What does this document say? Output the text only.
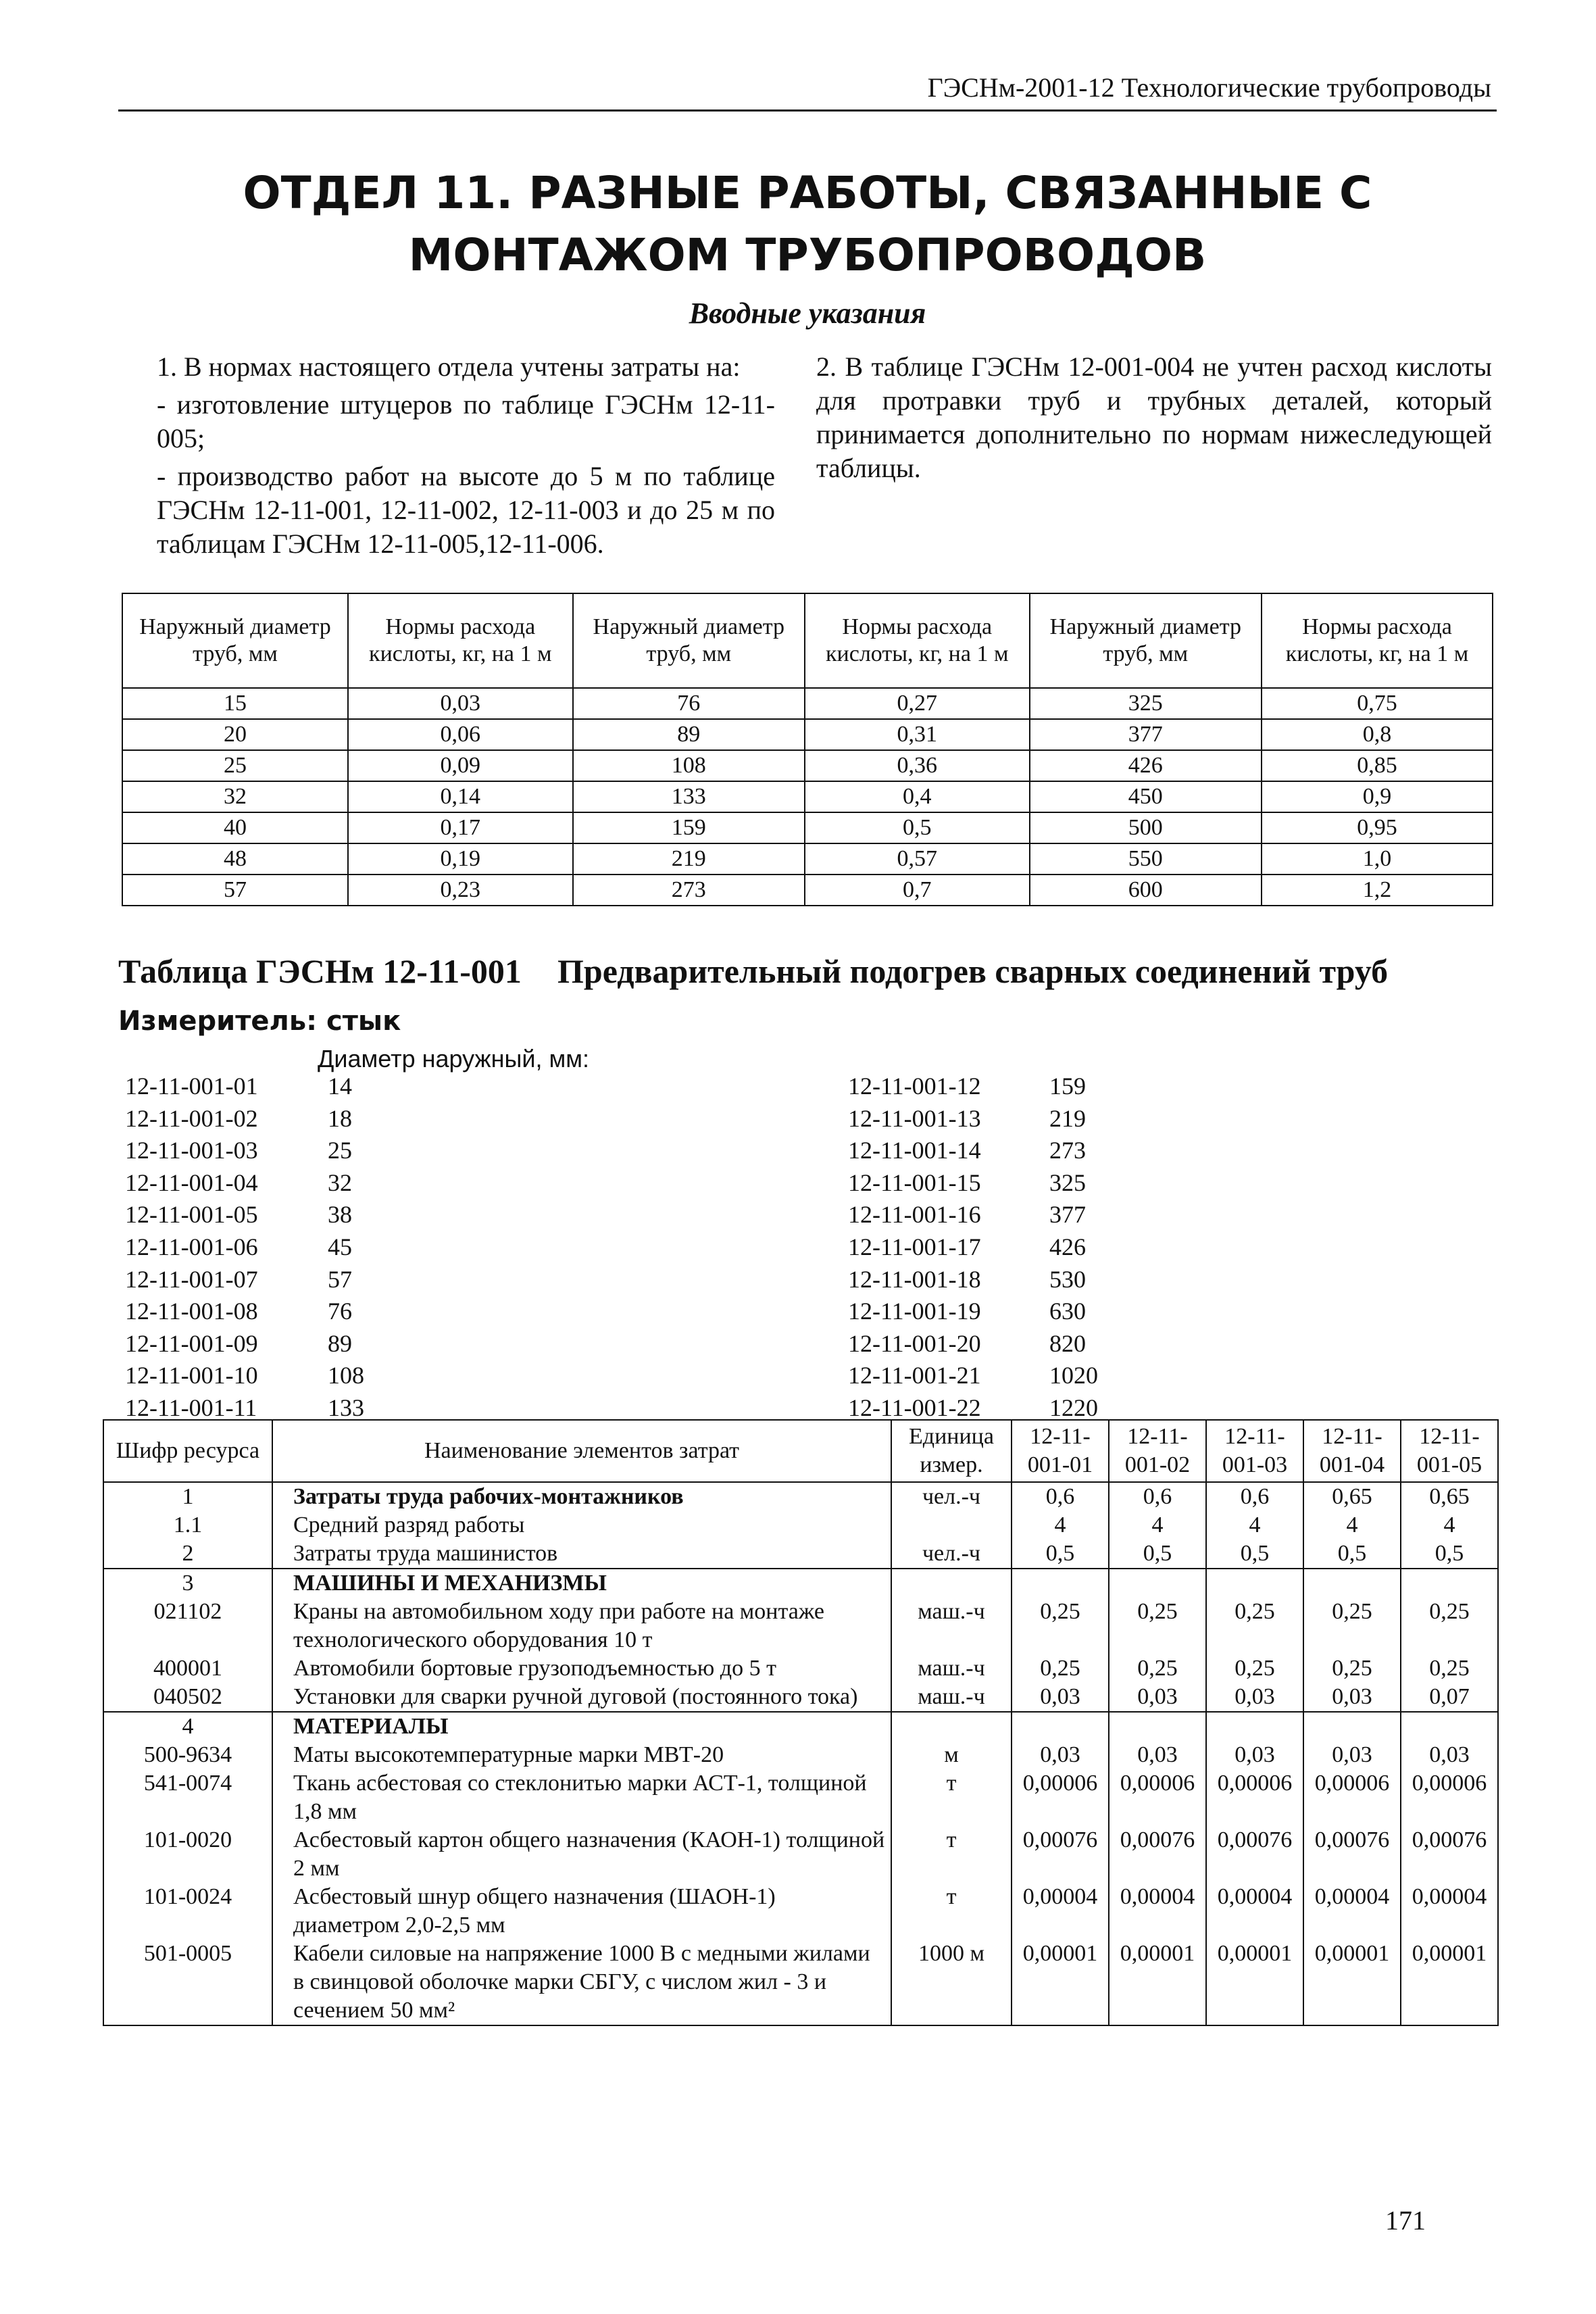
ГЭСНм-2001-12 Технологические трубопроводы
ОТДЕЛ 11. РАЗНЫЕ РАБОТЫ, СВЯЗАННЫЕ С
МОНТАЖОМ ТРУБОПРОВОДОВ
Вводные указания

1. В нормах настоящего отдела учтены затраты на:

- изготовление штуцеров по таблице ГЭСНм 12-11-005;

- производство работ на высоте до 5 м по таблице ГЭСНм 12-11-001, 12-11-002, 12-11-003 и до 25 м по таблицам ГЭСНм 12-11-005,12-11-006.

2. В таблице ГЭСНм 12-001-004 не учтен расход кислоты для протравки труб и трубных деталей, который принимается дополнительно по нормам нижеследующей таблицы.

Наружный диаметр труб, мм	Нормы расхода кислоты, кг, на 1 м	Наружный диаметр труб, мм	Нормы расхода кислоты, кг, на 1 м	Наружный диаметр труб, мм	Нормы расхода кислоты, кг, на 1 м
15	0,03	76	0,27	325	0,75
20	0,06	89	0,31	377	0,8
25	0,09	108	0,36	426	0,85
32	0,14	133	0,4	450	0,9
40	0,17	159	0,5	500	0,95
48	0,19	219	0,57	550	1,0
57	0,23	273	0,7	600	1,2
Таблица ГЭСНм 12-11-001 Предварительный подогрев сварных соединений труб
Измеритель: стык
Диаметр наружный, мм:
12-11-001-01	14
12-11-001-02	18
12-11-001-03	25
12-11-001-04	32
12-11-001-05	38
12-11-001-06	45
12-11-001-07	57
12-11-001-08	76
12-11-001-09	89
12-11-001-10	108
12-11-001-11	133
12-11-001-12	159
12-11-001-13	219
12-11-001-14	273
12-11-001-15	325
12-11-001-16	377
12-11-001-17	426
12-11-001-18	530
12-11-001-19	630
12-11-001-20	820
12-11-001-21	1020
12-11-001-22	1220
Шифр ресурса	Наименование элементов затрат	Единица измер.	12-11-001-01	12-11-001-02	12-11-001-03	12-11-001-04	12-11-001-05
1	Затраты труда рабочих-монтажников	чел.-ч	0,6	0,6	0,6	0,65	0,65
1.1	Средний разряд работы		4	4	4	4	4
2	Затраты труда машинистов	чел.-ч	0,5	0,5	0,5	0,5	0,5
3	МАШИНЫ И МЕХАНИЗМЫ						
021102	Краны на автомобильном ходу при работе на монтаже технологического оборудования 10 т	маш.-ч	0,25	0,25	0,25	0,25	0,25
400001	Автомобили бортовые грузоподъемностью до 5 т	маш.-ч	0,25	0,25	0,25	0,25	0,25
040502	Установки для сварки ручной дуговой (постоянного тока)	маш.-ч	0,03	0,03	0,03	0,03	0,07
4	МАТЕРИАЛЫ						
500-9634	Маты высокотемпературные марки МВТ-20	м	0,03	0,03	0,03	0,03	0,03
541-0074	Ткань асбестовая со стеклонитью марки АСТ-1, толщиной 1,8 мм	т	0,00006	0,00006	0,00006	0,00006	0,00006
101-0020	Асбестовый картон общего назначения (КАОН-1) толщиной 2 мм	т	0,00076	0,00076	0,00076	0,00076	0,00076
101-0024	Асбестовый шнур общего назначения (ШАОН-1) диаметром 2,0-2,5 мм	т	0,00004	0,00004	0,00004	0,00004	0,00004
501-0005	Кабели силовые на напряжение 1000 В с медными жилами в свинцовой оболочке марки СБГУ, с числом жил - 3 и сечением 50 мм²	1000 м	0,00001	0,00001	0,00001	0,00001	0,00001
171
